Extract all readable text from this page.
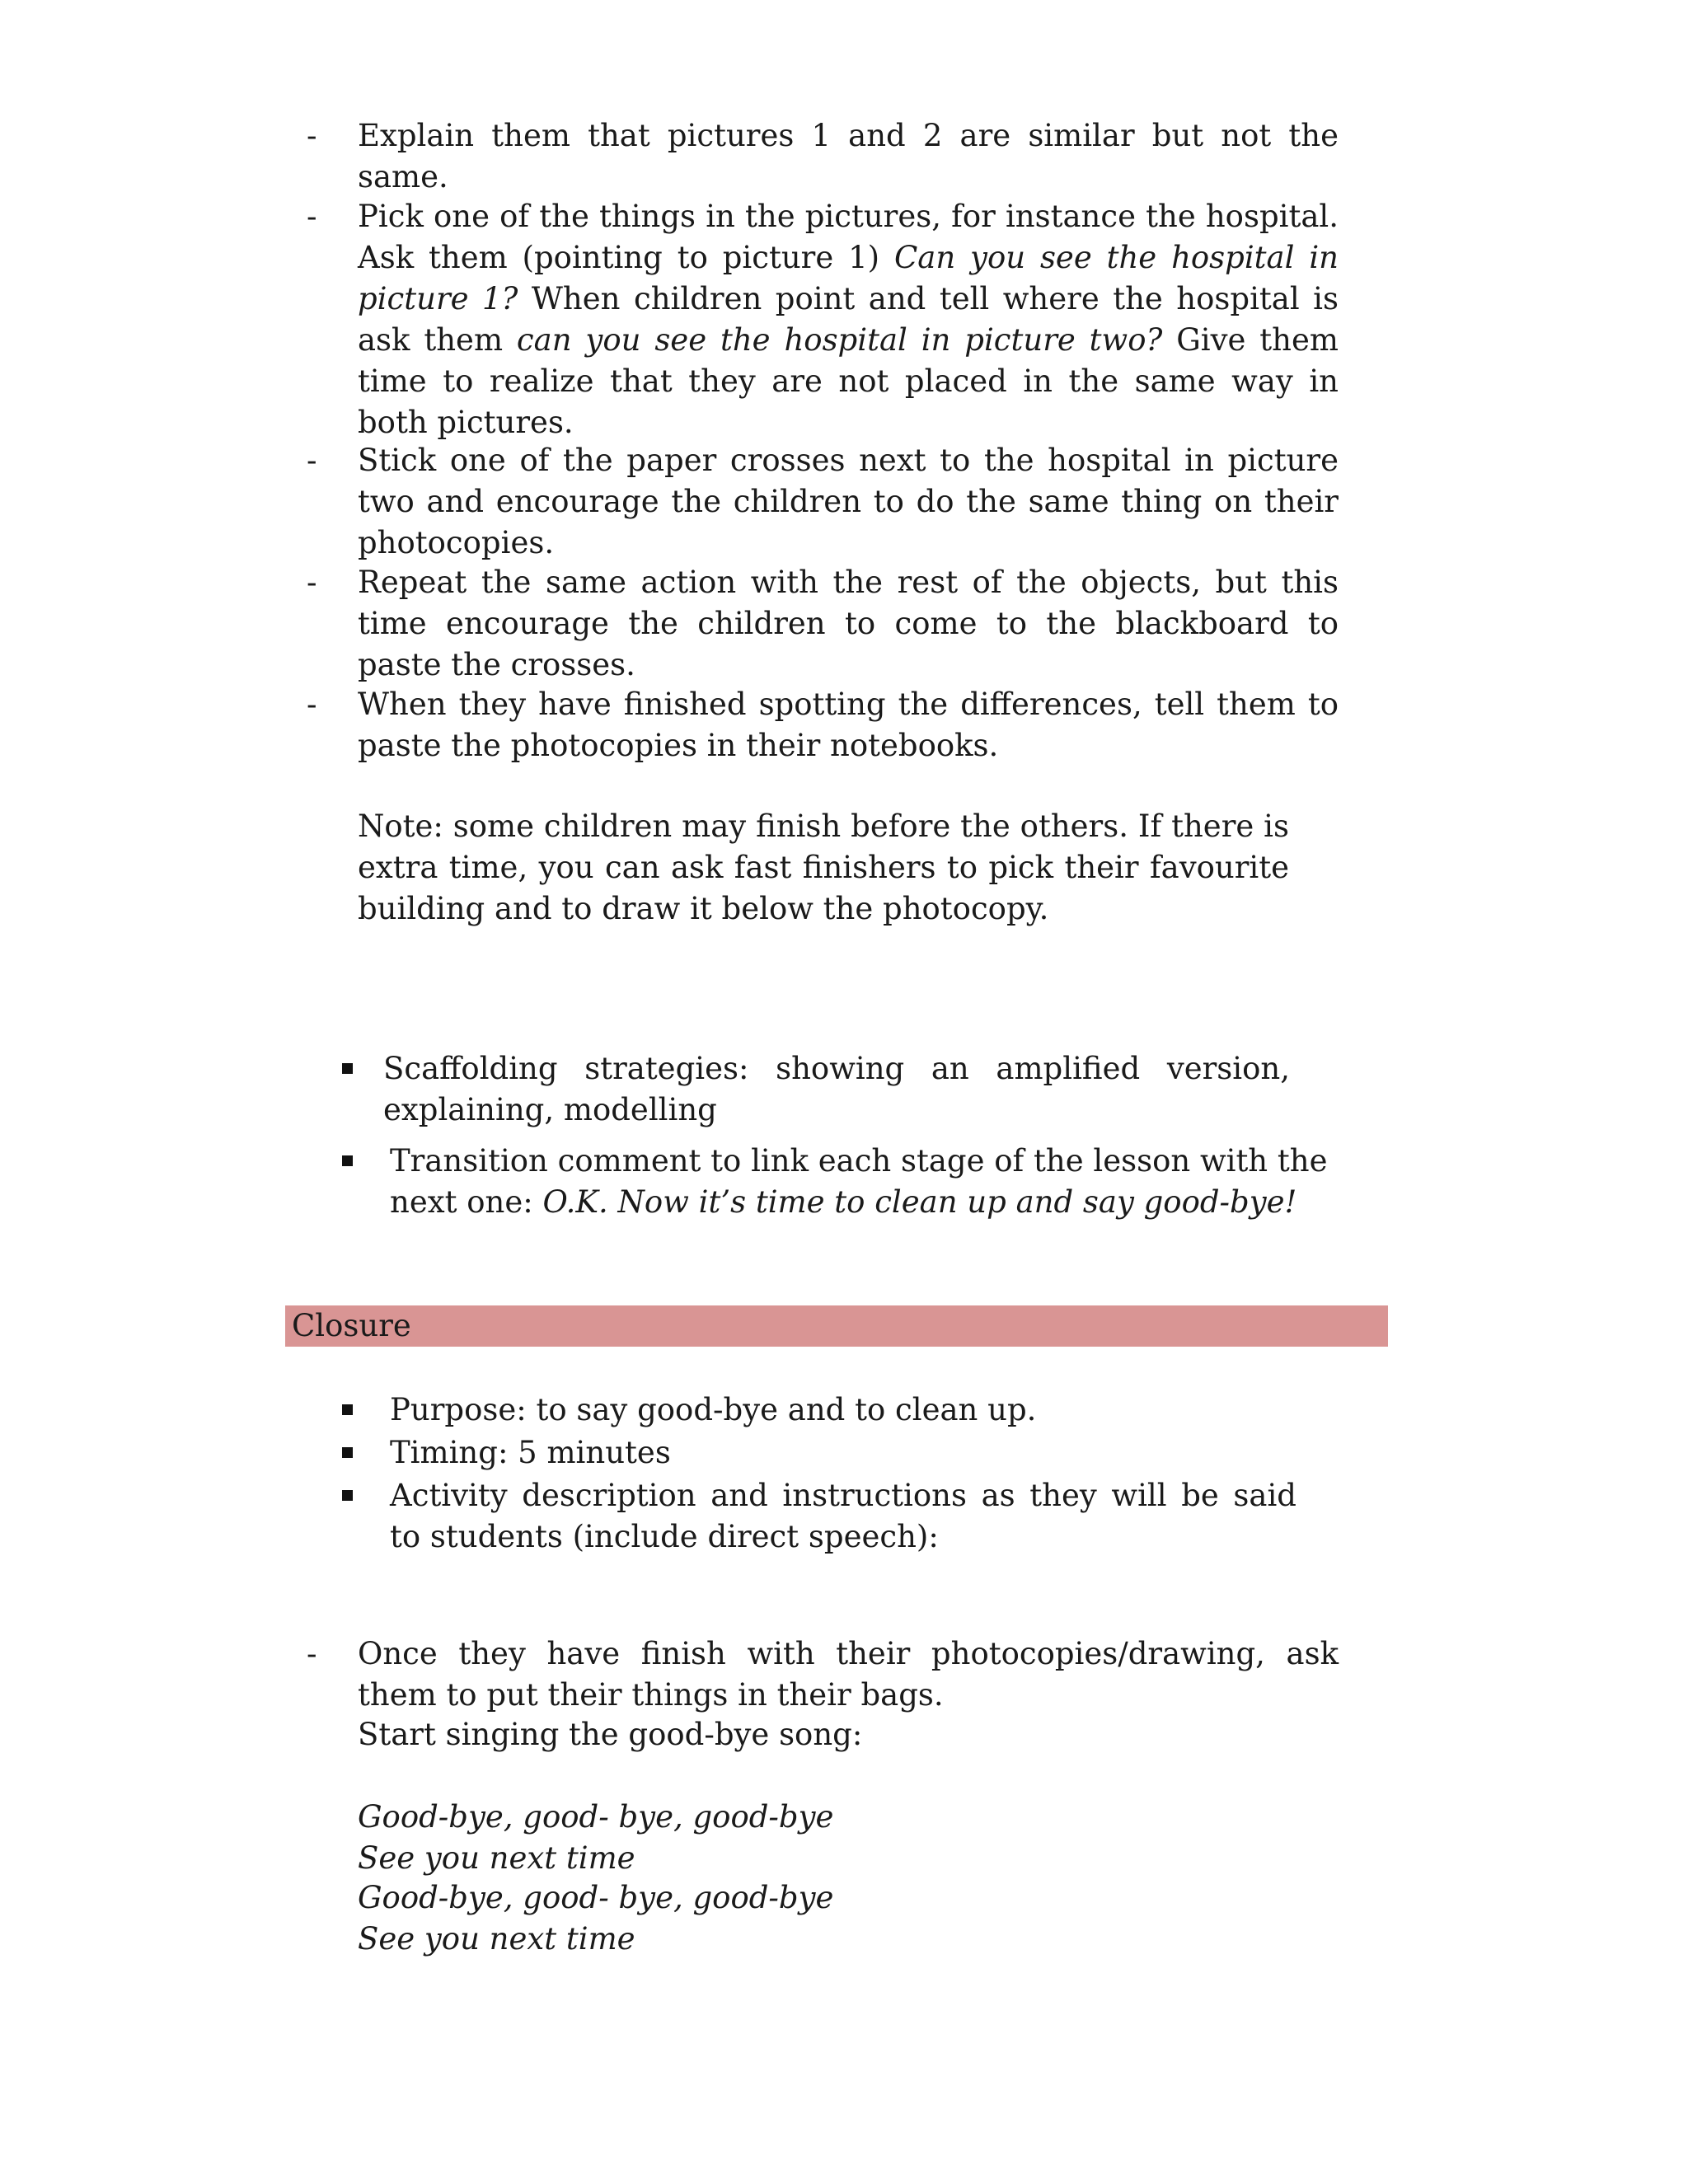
-	Explain them that pictures 1 and 2 are similar but not the same.
-	Pick one of the things in the pictures, for instance the hospital. Ask them (pointing to picture 1) Can you see the hospital in picture 1? When children point and tell where the hospital is ask them can you see the hospital in picture two? Give them time to realize that they are not placed in the same way in both pictures.
-	Stick one of the paper crosses next to the hospital in picture two and encourage the children to do the same thing on their photocopies.
-	Repeat the same action with the rest of the objects, but this time encourage the children to come to the blackboard to paste the crosses.
-	When they have finished spotting the differences, tell them to paste the photocopies in their notebooks.
Note: some children may finish before the others. If there is extra time, you can ask fast finishers to pick their favourite building and to draw it below the photocopy.
Scaffolding strategies: showing an amplified version, explaining, modelling
Transition comment to link each stage of the lesson with the next one: O.K. Now it’s time to clean up and say good-bye!
Closure
Purpose: to say good-bye and to clean up.
Timing: 5 minutes
Activity description and instructions as they will be said to students (include direct speech):
-	Once they have finish with their photocopies/drawing, ask them to put their things in their bags.
Start singing the good-bye song:
Good-bye, good- bye, good-bye
See you next time
Good-bye, good- bye, good-bye
See you next time
